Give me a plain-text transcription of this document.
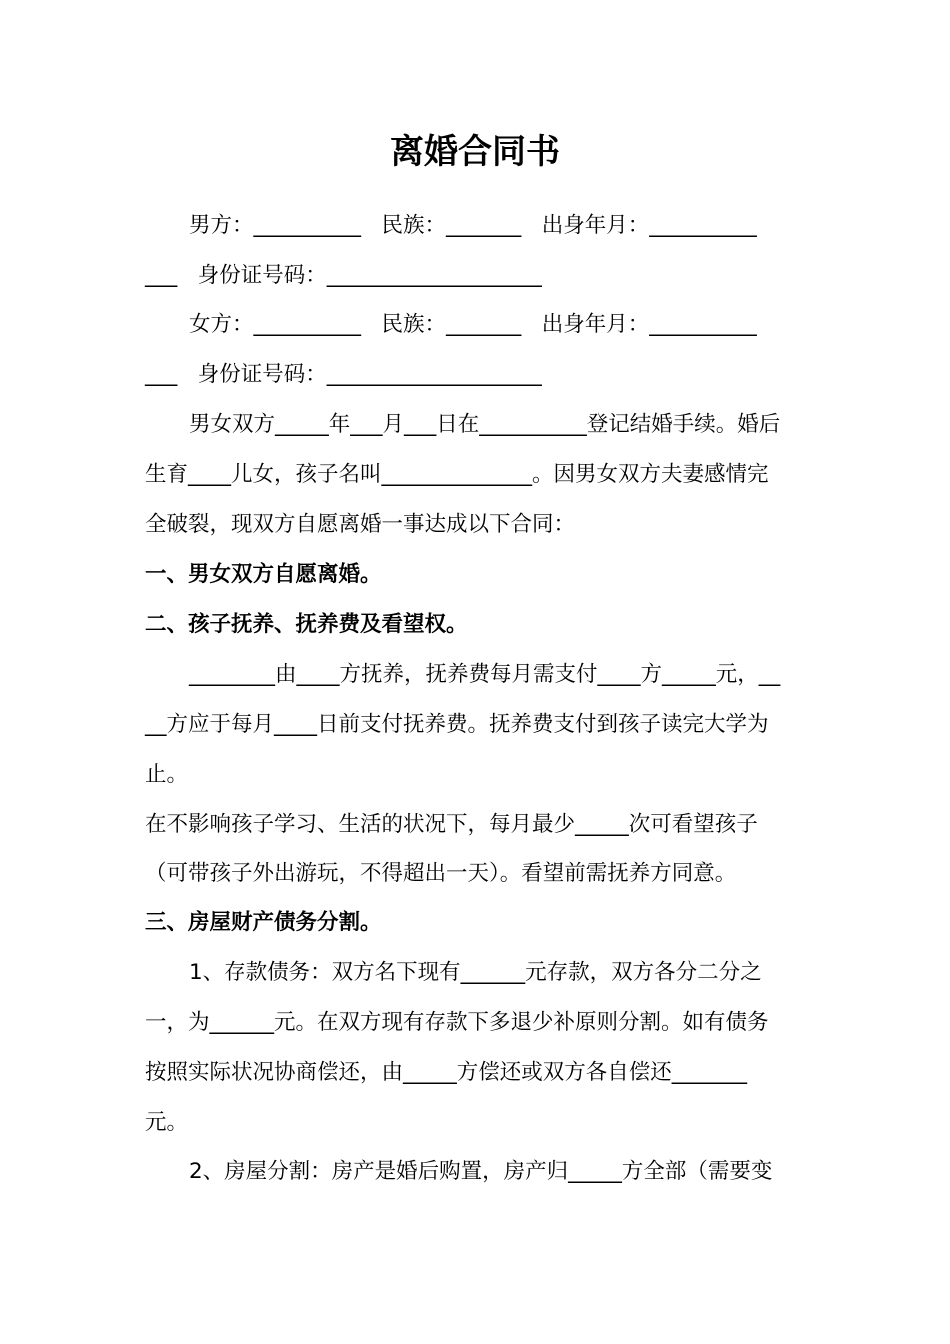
离婚合同书

男方：__________   民族：_______   出身年月：__________

___   身份证号码：____________________

女方：__________   民族：_______   出身年月：__________

___   身份证号码：____________________

男女双方_____年___月___日在__________登记结婚手续。婚后

生育____儿女，孩子名叫______________。因男女双方夫妻感情完

全破裂，现双方自愿离婚一事达成以下合同：

一、男女双方自愿离婚。

二、孩子抚养、抚养费及看望权。

________由____方抚养，抚养费每月需支付____方_____元，__

__方应于每月____日前支付抚养费。抚养费支付到孩子读完大学为

止。

在不影响孩子学习、生活的状况下，每月最少_____次可看望孩子

（可带孩子外出游玩，不得超出一天）。看望前需抚养方同意。

三、房屋财产债务分割。

1、存款债务：双方名下现有______元存款，双方各分二分之

一，为______元。在双方现有存款下多退少补原则分割。如有债务

按照实际状况协商偿还，由_____方偿还或双方各自偿还_______

元。

2、房屋分割：房产是婚后购置，房产归_____方全部（需要变
